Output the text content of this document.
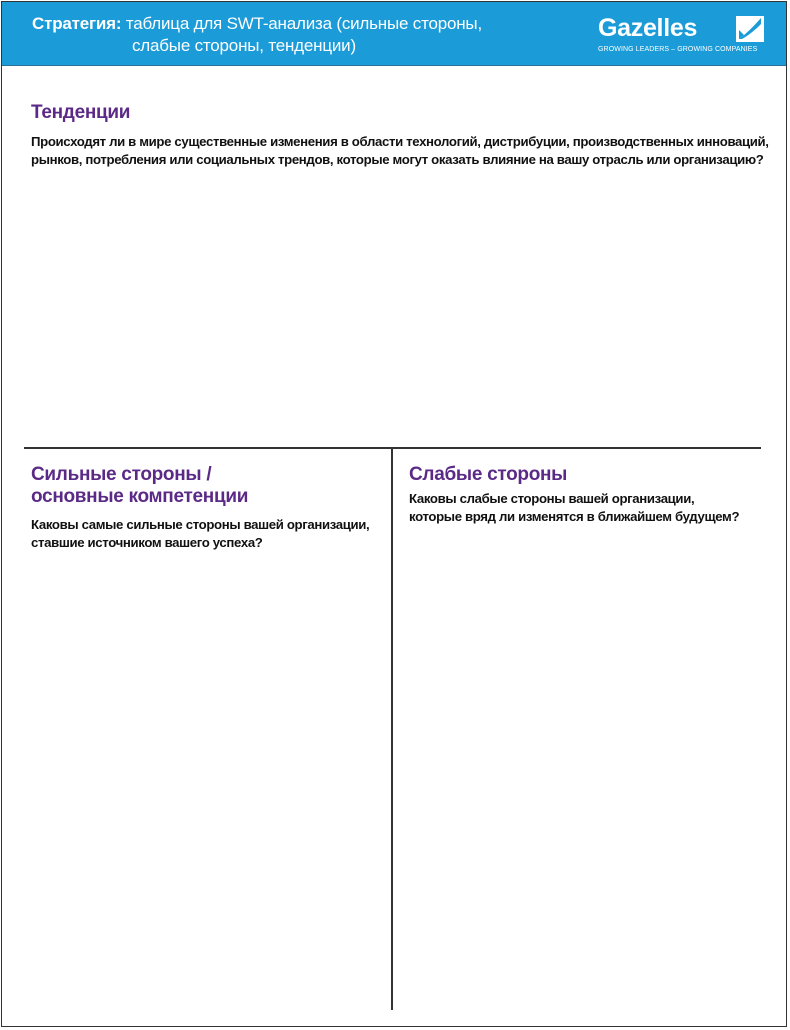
Стратегия: таблица для SWT-анализа (сильные стороны,
слабые стороны, тенденции)
Gazelles
GROWING LEADERS – GROWING COMPANIES
Тенденции

Происходят ли в мире существенные изменения в области технологий, дистрибуции, производственных инноваций,
рынков, потребления или социальных трендов, которые могут оказать влияние на вашу отрасль или организацию?

Сильные стороны /
основные компетенции

Каковы самые сильные стороны вашей организации,
ставшие источником вашего успеха?

Слабые стороны

Каковы слабые стороны вашей организации,
которые вряд ли изменятся в ближайшем будущем?
